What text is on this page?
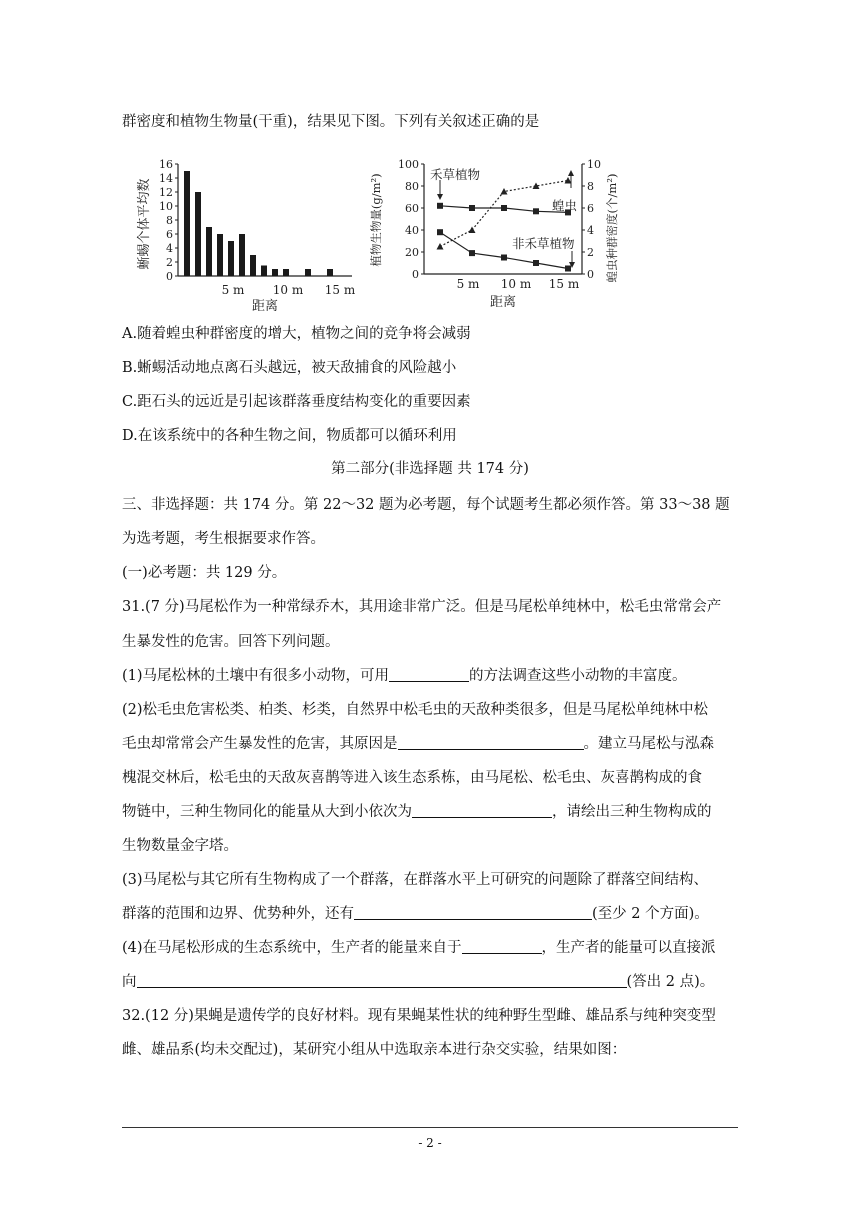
群密度和植物生物量(干重)，结果见下图。下列有关叙述正确的是
蜥蜴个体平均数
0
2
4
6
8
10
12
14
16
5 m 10 m 15 m
距离
植物生物量(g/m²)	蝗虫种群密度(个/m²)
0
20
40
60
80
100
0
2
4
6
8
10
禾草植物
蝗虫
非禾草植物
5 m 10 m 15 m
距离
A.随着蝗虫种群密度的增大，植物之间的竞争将会减弱
B.蜥蜴活动地点离石头越远，被天敌捕食的风险越小
C.距石头的远近是引起该群落垂度结构变化的重要因素
D.在该系统中的各种生物之间，物质都可以循环利用
第二部分(非选择题 共 174 分)
三、非选择题：共 174 分。第 22～32 题为必考题，每个试题考生都必须作答。第 33～38 题
为选考题，考生根据要求作答。
(一)必考题：共 129 分。
31.(7 分)马尾松作为一种常绿乔木，其用途非常广泛。但是马尾松单纯林中，松毛虫常常会产
生暴发性的危害。回答下列问题。
(1)马尾松林的土壤中有很多小动物，可用	的方法调查这些小动物的丰富度。
(2)松毛虫危害松类、柏类、杉类，自然界中松毛虫的天敌种类很多，但是马尾松单纯林中松
毛虫却常常会产生暴发性的危害，其原因是	。建立马尾松与泓森
槐混交林后，松毛虫的天敌灰喜鹊等进入该生态系栋，由马尾松、松毛虫、灰喜鹊构成的食
物链中，三种生物同化的能量从大到小依次为	，请绘出三种生物构成的
生物数量金字塔。
(3)马尾松与其它所有生物构成了一个群落，在群落水平上可研究的问题除了群落空间结构、
群落的范围和边界、优势种外，还有	(至少 2 个方面)。
(4)在马尾松形成的生态系统中，生产者的能量来自于	，生产者的能量可以直接派
向	(答出 2 点)。
32.(12 分)果蝇是遗传学的良好材料。现有果蝇某性状的纯种野生型雌、雄品系与纯种突变型
雌、雄品系(均未交配过)，某研究小组从中选取亲本进行杂交实验，结果如图：
- 2 -
